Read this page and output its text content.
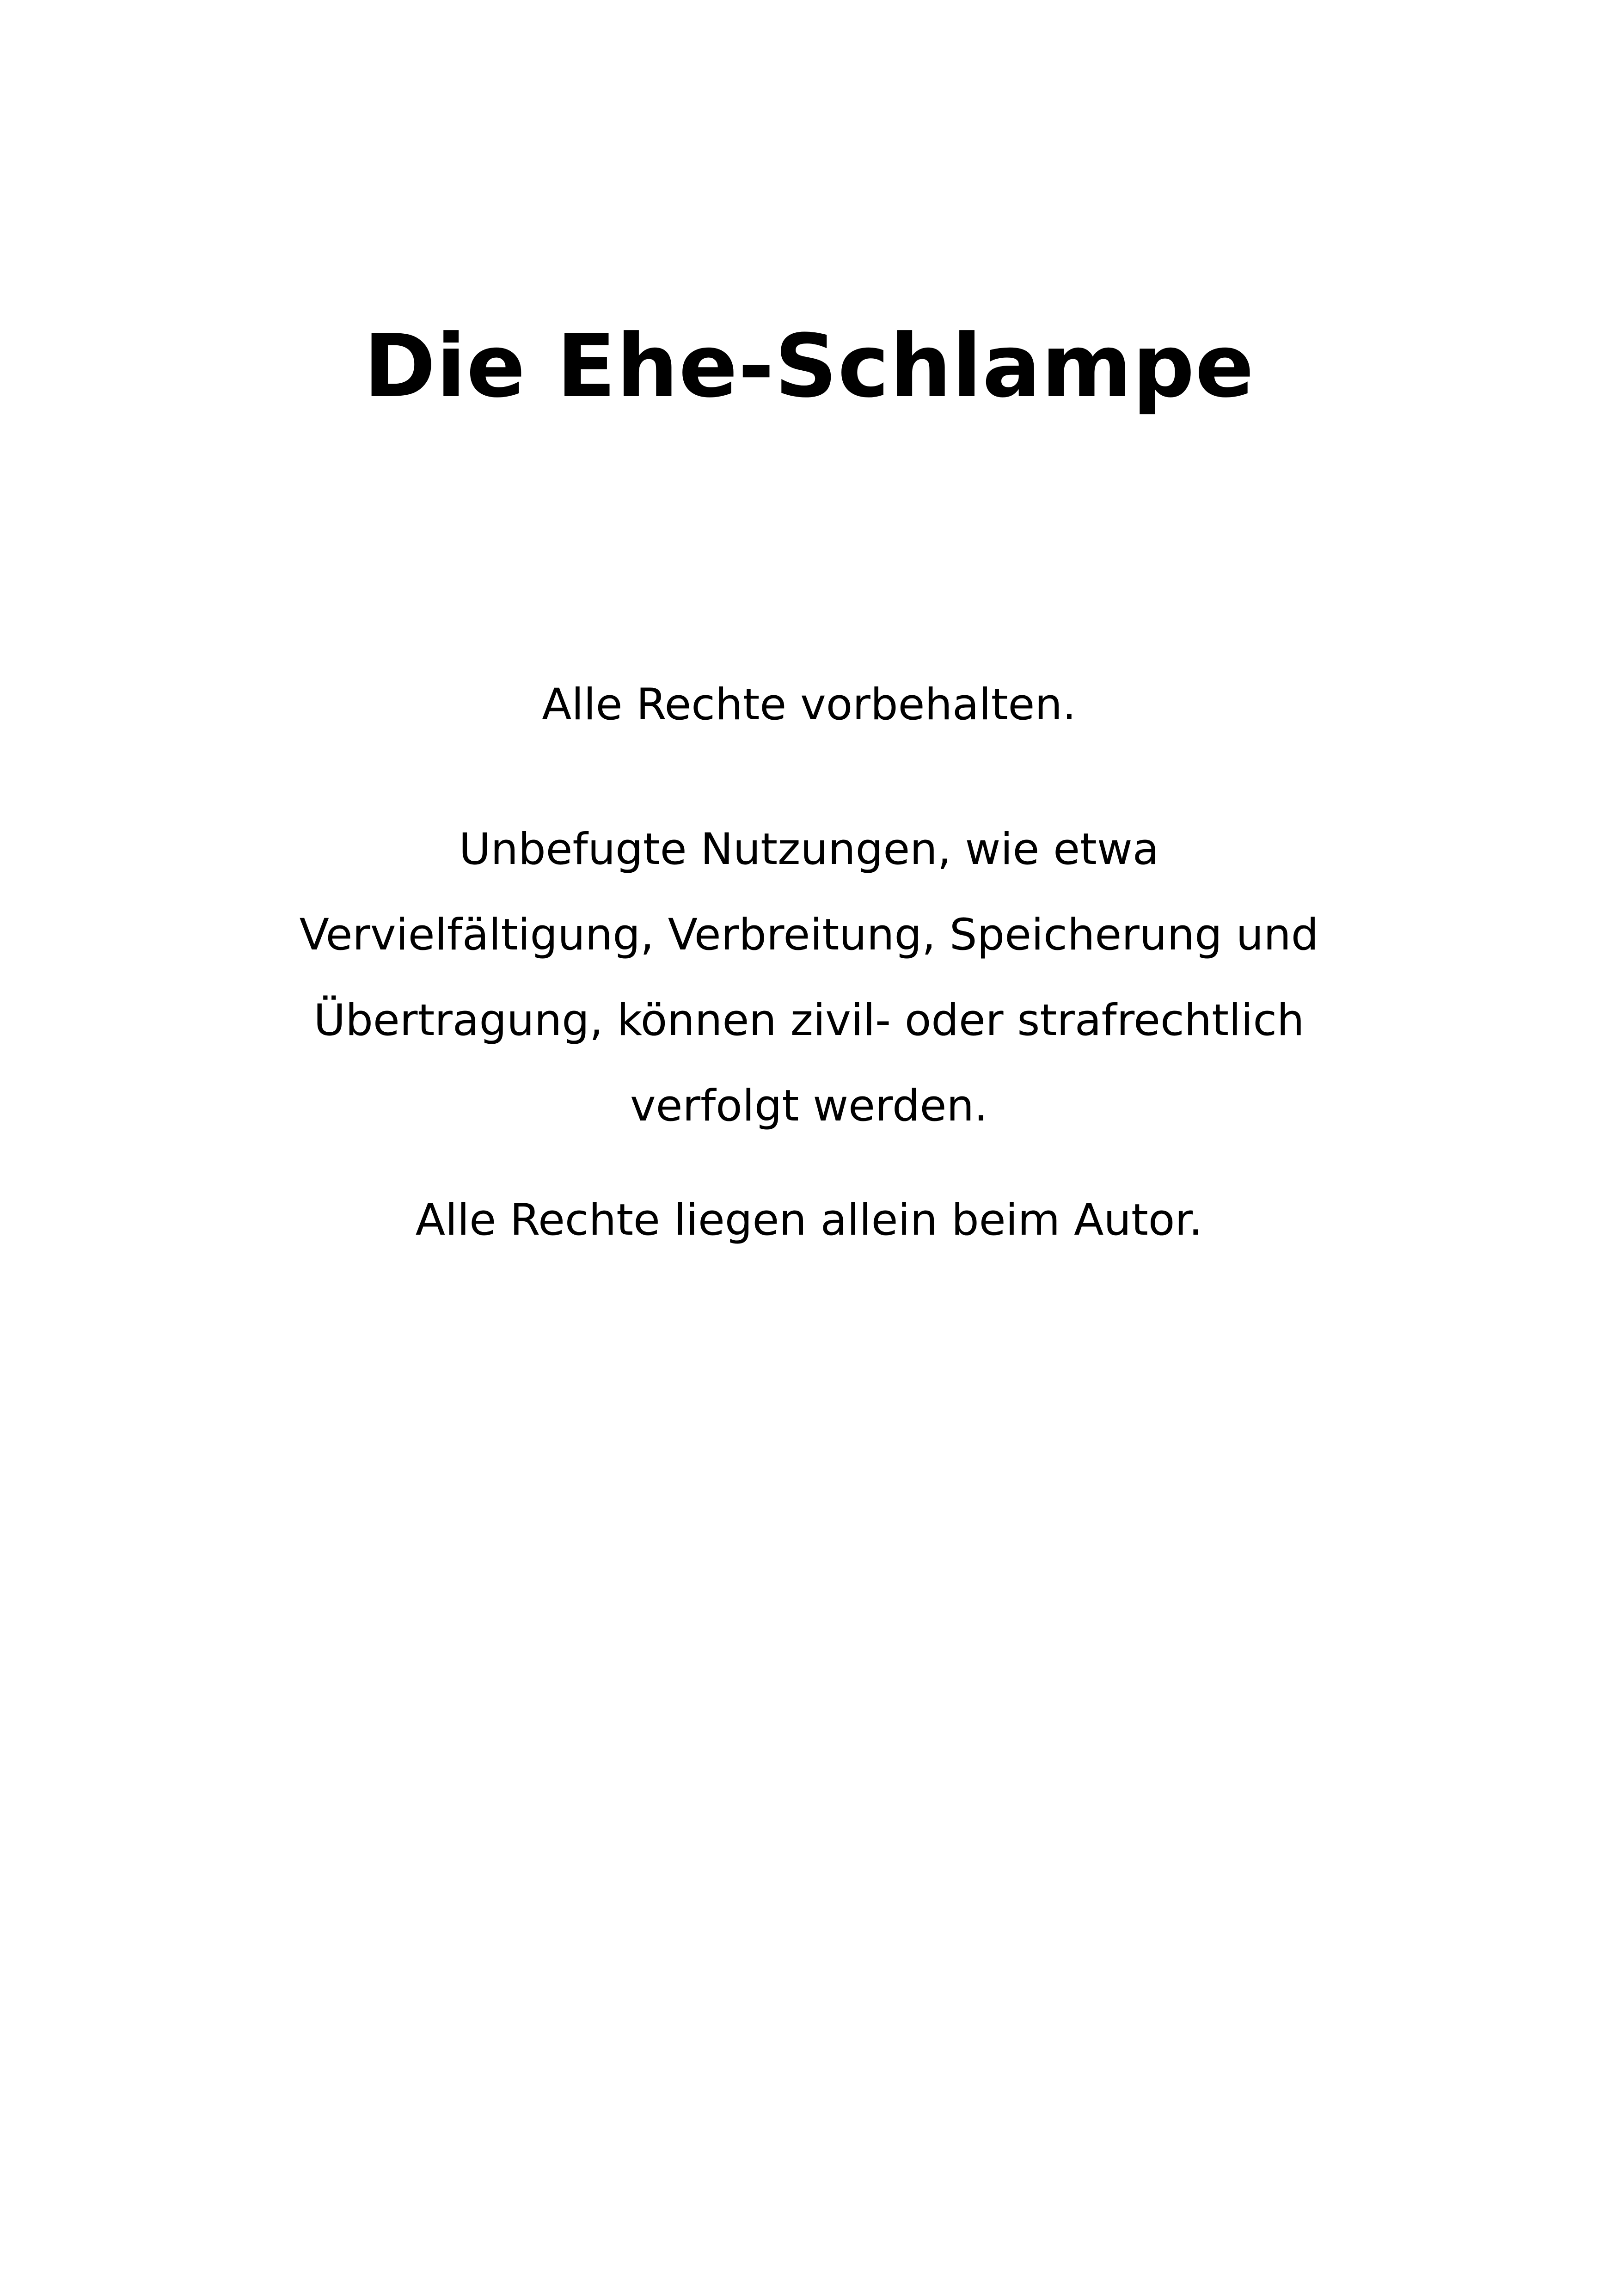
Die Ehe-Schlampe

Alle Rechte vorbehalten.

Unbefugte Nutzungen, wie etwa
Vervielfältigung, Verbreitung, Speicherung und
Übertragung, können zivil- oder strafrechtlich
verfolgt werden.

Alle Rechte liegen allein beim Autor.
